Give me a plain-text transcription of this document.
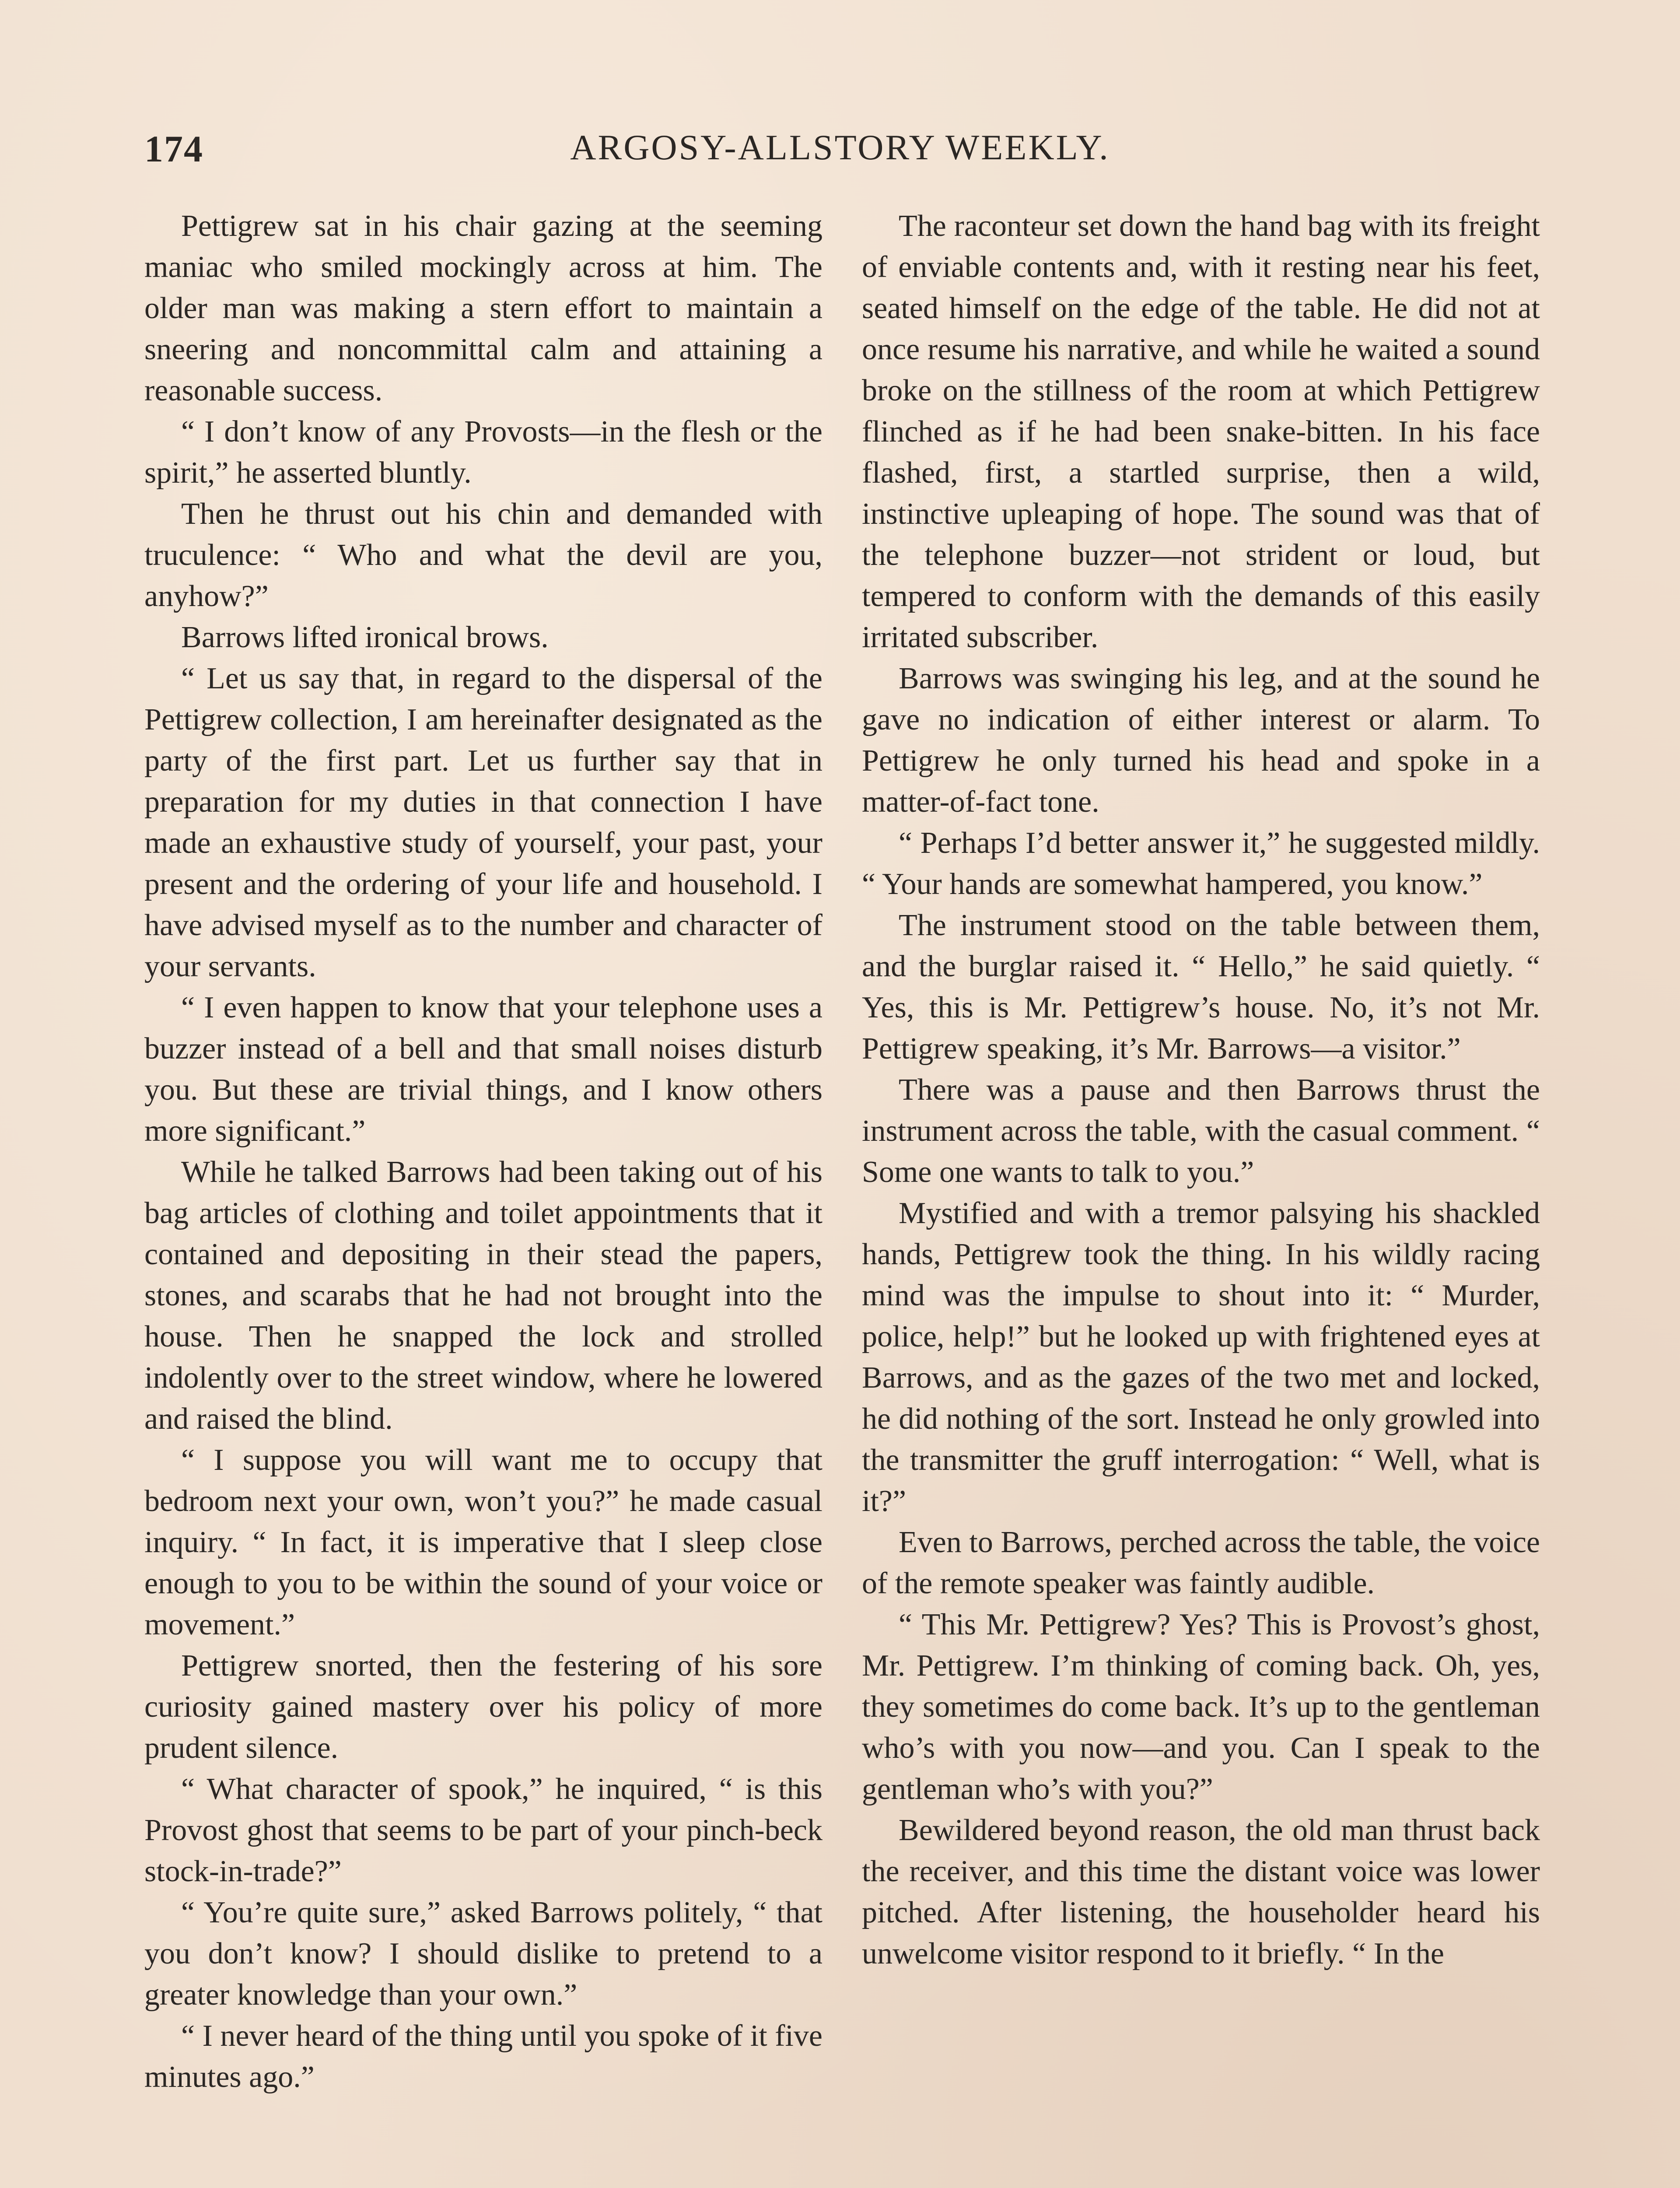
174	ARGOSY-ALLSTORY WEEKLY.

Pettigrew sat in his chair gazing at the seeming maniac who smiled mockingly across at him. The older man was making a stern effort to maintain a sneering and noncommittal calm and attaining a reasonable success.

“ I don’t know of any Provosts—in the flesh or the spirit,” he asserted bluntly.

Then he thrust out his chin and demanded with truculence: “ Who and what the devil are you, anyhow?”

Barrows lifted ironical brows.

“ Let us say that, in regard to the dispersal of the Pettigrew collection, I am hereinafter designated as the party of the first part. Let us further say that in preparation for my duties in that connection I have made an exhaustive study of yourself, your past, your present and the ordering of your life and household. I have advised myself as to the number and character of your servants.

“ I even happen to know that your telephone uses a buzzer instead of a bell and that small noises disturb you. But these are trivial things, and I know others more significant.”

While he talked Barrows had been taking out of his bag articles of clothing and toilet appointments that it contained and depositing in their stead the papers, stones, and scarabs that he had not brought into the house. Then he snapped the lock and strolled indolently over to the street window, where he lowered and raised the blind.

“ I suppose you will want me to occupy that bedroom next your own, won’t you?” he made casual inquiry. “ In fact, it is imperative that I sleep close enough to you to be within the sound of your voice or movement.”

Pettigrew snorted, then the festering of his sore curiosity gained mastery over his policy of more prudent silence.

“ What character of spook,” he inquired, “ is this Provost ghost that seems to be part of your pinch-beck stock-in-trade?”

“ You’re quite sure,” asked Barrows politely, “ that you don’t know? I should dislike to pretend to a greater knowledge than your own.”

“ I never heard of the thing until you spoke of it five minutes ago.”

The raconteur set down the hand bag with its freight of enviable contents and, with it resting near his feet, seated himself on the edge of the table. He did not at once resume his narrative, and while he waited a sound broke on the stillness of the room at which Pettigrew flinched as if he had been snake-bitten. In his face flashed, first, a startled surprise, then a wild, instinctive upleaping of hope. The sound was that of the telephone buzzer—not strident or loud, but tempered to conform with the demands of this easily irritated subscriber.

Barrows was swinging his leg, and at the sound he gave no indication of either interest or alarm. To Pettigrew he only turned his head and spoke in a matter-of-fact tone.

“ Perhaps I’d better answer it,” he suggested mildly. “ Your hands are somewhat hampered, you know.”

The instrument stood on the table between them, and the burglar raised it. “ Hello,” he said quietly. “ Yes, this is Mr. Pettigrew’s house. No, it’s not Mr. Pettigrew speaking, it’s Mr. Barrows—a visitor.”

There was a pause and then Barrows thrust the instrument across the table, with the casual comment. “ Some one wants to talk to you.”

Mystified and with a tremor palsying his shackled hands, Pettigrew took the thing. In his wildly racing mind was the impulse to shout into it: “ Murder, police, help!” but he looked up with frightened eyes at Barrows, and as the gazes of the two met and locked, he did nothing of the sort. Instead he only growled into the transmitter the gruff interrogation: “ Well, what is it?”

Even to Barrows, perched across the table, the voice of the remote speaker was faintly audible.

“ This Mr. Pettigrew? Yes? This is Provost’s ghost, Mr. Pettigrew. I’m thinking of coming back. Oh, yes, they sometimes do come back. It’s up to the gentleman who’s with you now—and you. Can I speak to the gentleman who’s with you?”

Bewildered beyond reason, the old man thrust back the receiver, and this time the distant voice was lower pitched. After listening, the householder heard his unwelcome visitor respond to it briefly. “ In the
